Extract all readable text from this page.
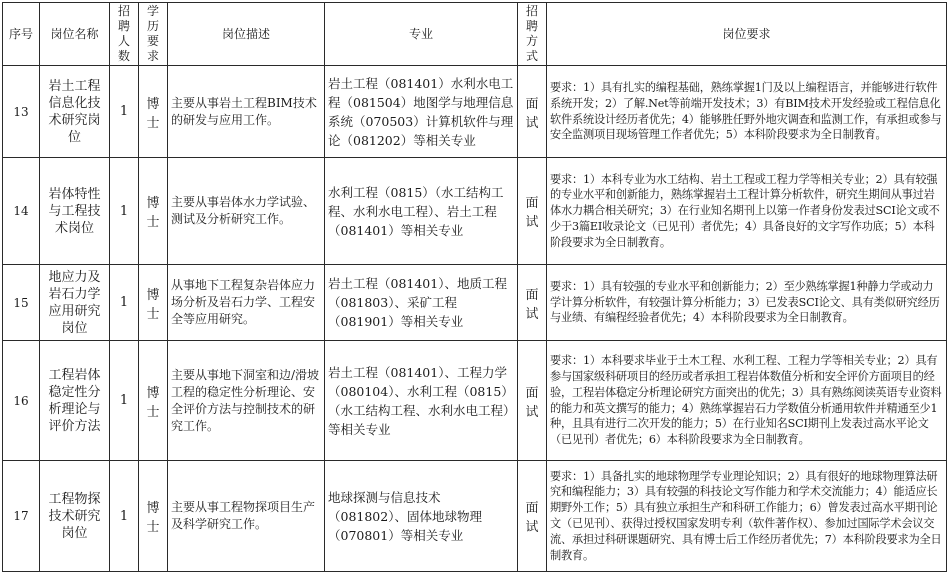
序号	岗位名称	招聘人数	学历要求	岗位描述	专业	招聘方式	岗位要求
13	岩土工程信息化技术研究岗位	1	博士	主要从事岩土工程BIM技术的研发与应用工作。	岩土工程（081401）水利水电工程（081504）地图学与地理信息系统（070503）计算机软件与理论（081202）等相关专业	面试	要求：1）具有扎实的编程基础，熟练掌握1门及以上编程语言，并能够进行软件系统开发；2）了解.Net等前端开发技术；3）有BIM技术开发经验或工程信息化软件系统设计经历者优先；4）能够胜任野外地灾调查和监测工作，有承担或参与安全监测项目现场管理工作者优先；5）本科阶段要求为全日制教育。
14	岩体特性与工程技术岗位	1	博士	主要从事岩体水力学试验、测试及分析研究工作。	水利工程（0815）（水工结构工程、水利水电工程）、岩土工程（081401）等相关专业	面试	要求：1）本科专业为水工结构、岩土工程或工程力学等相关专业；2）具有较强的专业水平和创新能力，熟练掌握岩土工程计算分析软件，研究生期间从事过岩体水力耦合相关研究；3）在行业知名期刊上以第一作者身份发表过SCI论文或不少于3篇EI收录论文（已见刊）者优先；4）具备良好的文字写作功底；5）本科阶段要求为全日制教育。
15	地应力及岩石力学应用研究岗位	1	博士	从事地下工程复杂岩体应力场分析及岩石力学、工程安全等应用研究。	岩土工程（081401）、地质工程（081803）、采矿工程（081901）等相关专业	面试	要求：1）具有较强的专业水平和创新能力；2）至少熟练掌握1种静力学或动力学计算分析软件，有较强计算分析能力；3）已发表SCI论文、具有类似研究经历与业绩、有编程经验者优先；4）本科阶段要求为全日制教育。
16	工程岩体稳定性分析理论与评价方法	1	博士	主要从事地下洞室和边/滑坡工程的稳定性分析理论、安全评价方法与控制技术的研究工作。	岩土工程（081401）、工程力学（080104）、水利工程（0815）（水工结构工程、水利水电工程）等相关专业	面试	要求：1）本科要求毕业于土木工程、水利工程、工程力学等相关专业；2）具有参与国家级科研项目的经历或者承担工程岩体数值分析和安全评价方面项目的经验，工程岩体稳定分析理论研究方面突出的优先；3）具有熟练阅读英语专业资料的能力和英文撰写的能力；4）熟练掌握岩石力学数值分析通用软件并精通至少1种，且具有进行二次开发的能力；5）在行业知名SCI期刊上发表过高水平论文（已见刊）者优先；6）本科阶段要求为全日制教育。
17	工程物探技术研究岗位	1	博士	主要从事工程物探项目生产及科学研究工作。	地球探测与信息技术（081802）、固体地球物理（070801）等相关专业	面试	要求：1）具备扎实的地球物理学专业理论知识；2）具有很好的地球物理算法研究和编程能力；3）具有较强的科技论文写作能力和学术交流能力；4）能适应长期野外工作；5）具有独立承担生产和科研工作能力；6）曾发表过高水平期刊论文（已见刊）、获得过授权国家发明专利（软件著作权）、参加过国际学术会议交流、承担过科研课题研究、具有博士后工作经历者优先；7）本科阶段要求为全日制教育。
